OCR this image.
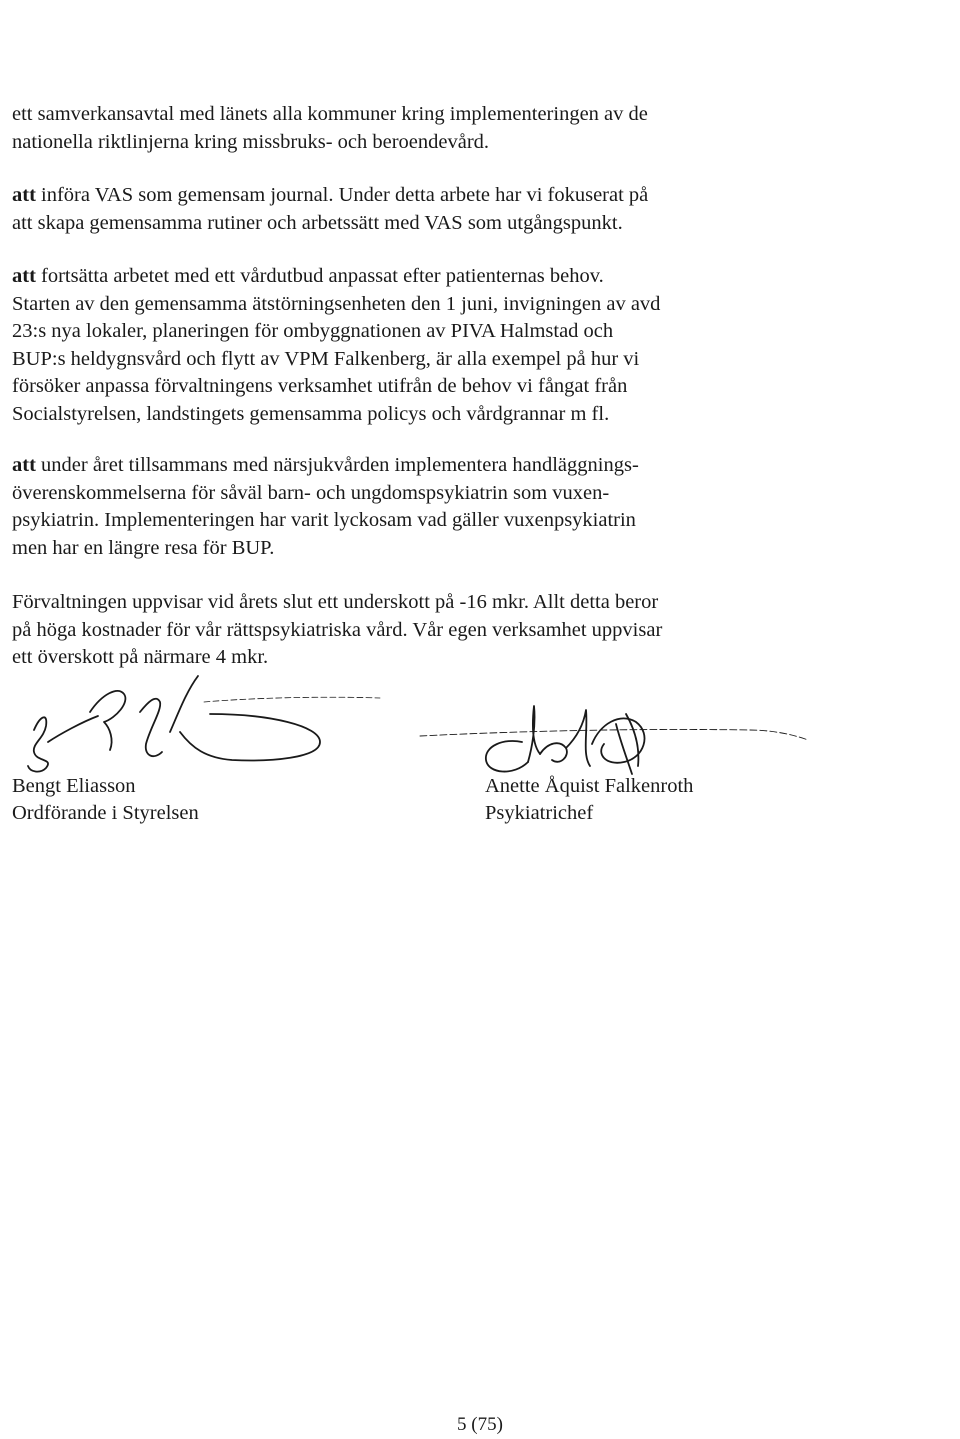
ett samverkansavtal med länets alla kommuner kring implementeringen av de
nationella riktlinjerna kring missbruks- och beroendevård.

att införa VAS som gemensam journal. Under detta arbete har vi fokuserat på
att skapa gemensamma rutiner och arbetssätt med VAS som utgångspunkt.

att fortsätta arbetet med ett vårdutbud anpassat efter patienternas behov.
Starten av den gemensamma ätstörningsenheten den 1 juni, invigningen av avd
23:s nya lokaler, planeringen för ombyggnationen av PIVA Halmstad och
BUP:s heldygnsvård och flytt av VPM Falkenberg, är alla exempel på hur vi
försöker anpassa förvaltningens verksamhet utifrån de behov vi fångat från
Socialstyrelsen, landstingets gemensamma policys och vårdgrannar m fl.

att under året tillsammans med närsjukvården implementera handläggnings-
överenskommelserna för såväl barn- och ungdomspsykiatrin som vuxen-
psykiatrin. Implementeringen har varit lyckosam vad gäller vuxenpsykiatrin
men har en längre resa för BUP.

Förvaltningen uppvisar vid årets slut ett underskott på -16 mkr. Allt detta beror
på höga kostnader för vår rättspsykiatriska vård. Vår egen verksamhet uppvisar
ett överskott på närmare 4 mkr.

Bengt Eliasson
Ordförande i Styrelsen
Anette Åquist Falkenroth
Psykiatrichef
5 (75)
